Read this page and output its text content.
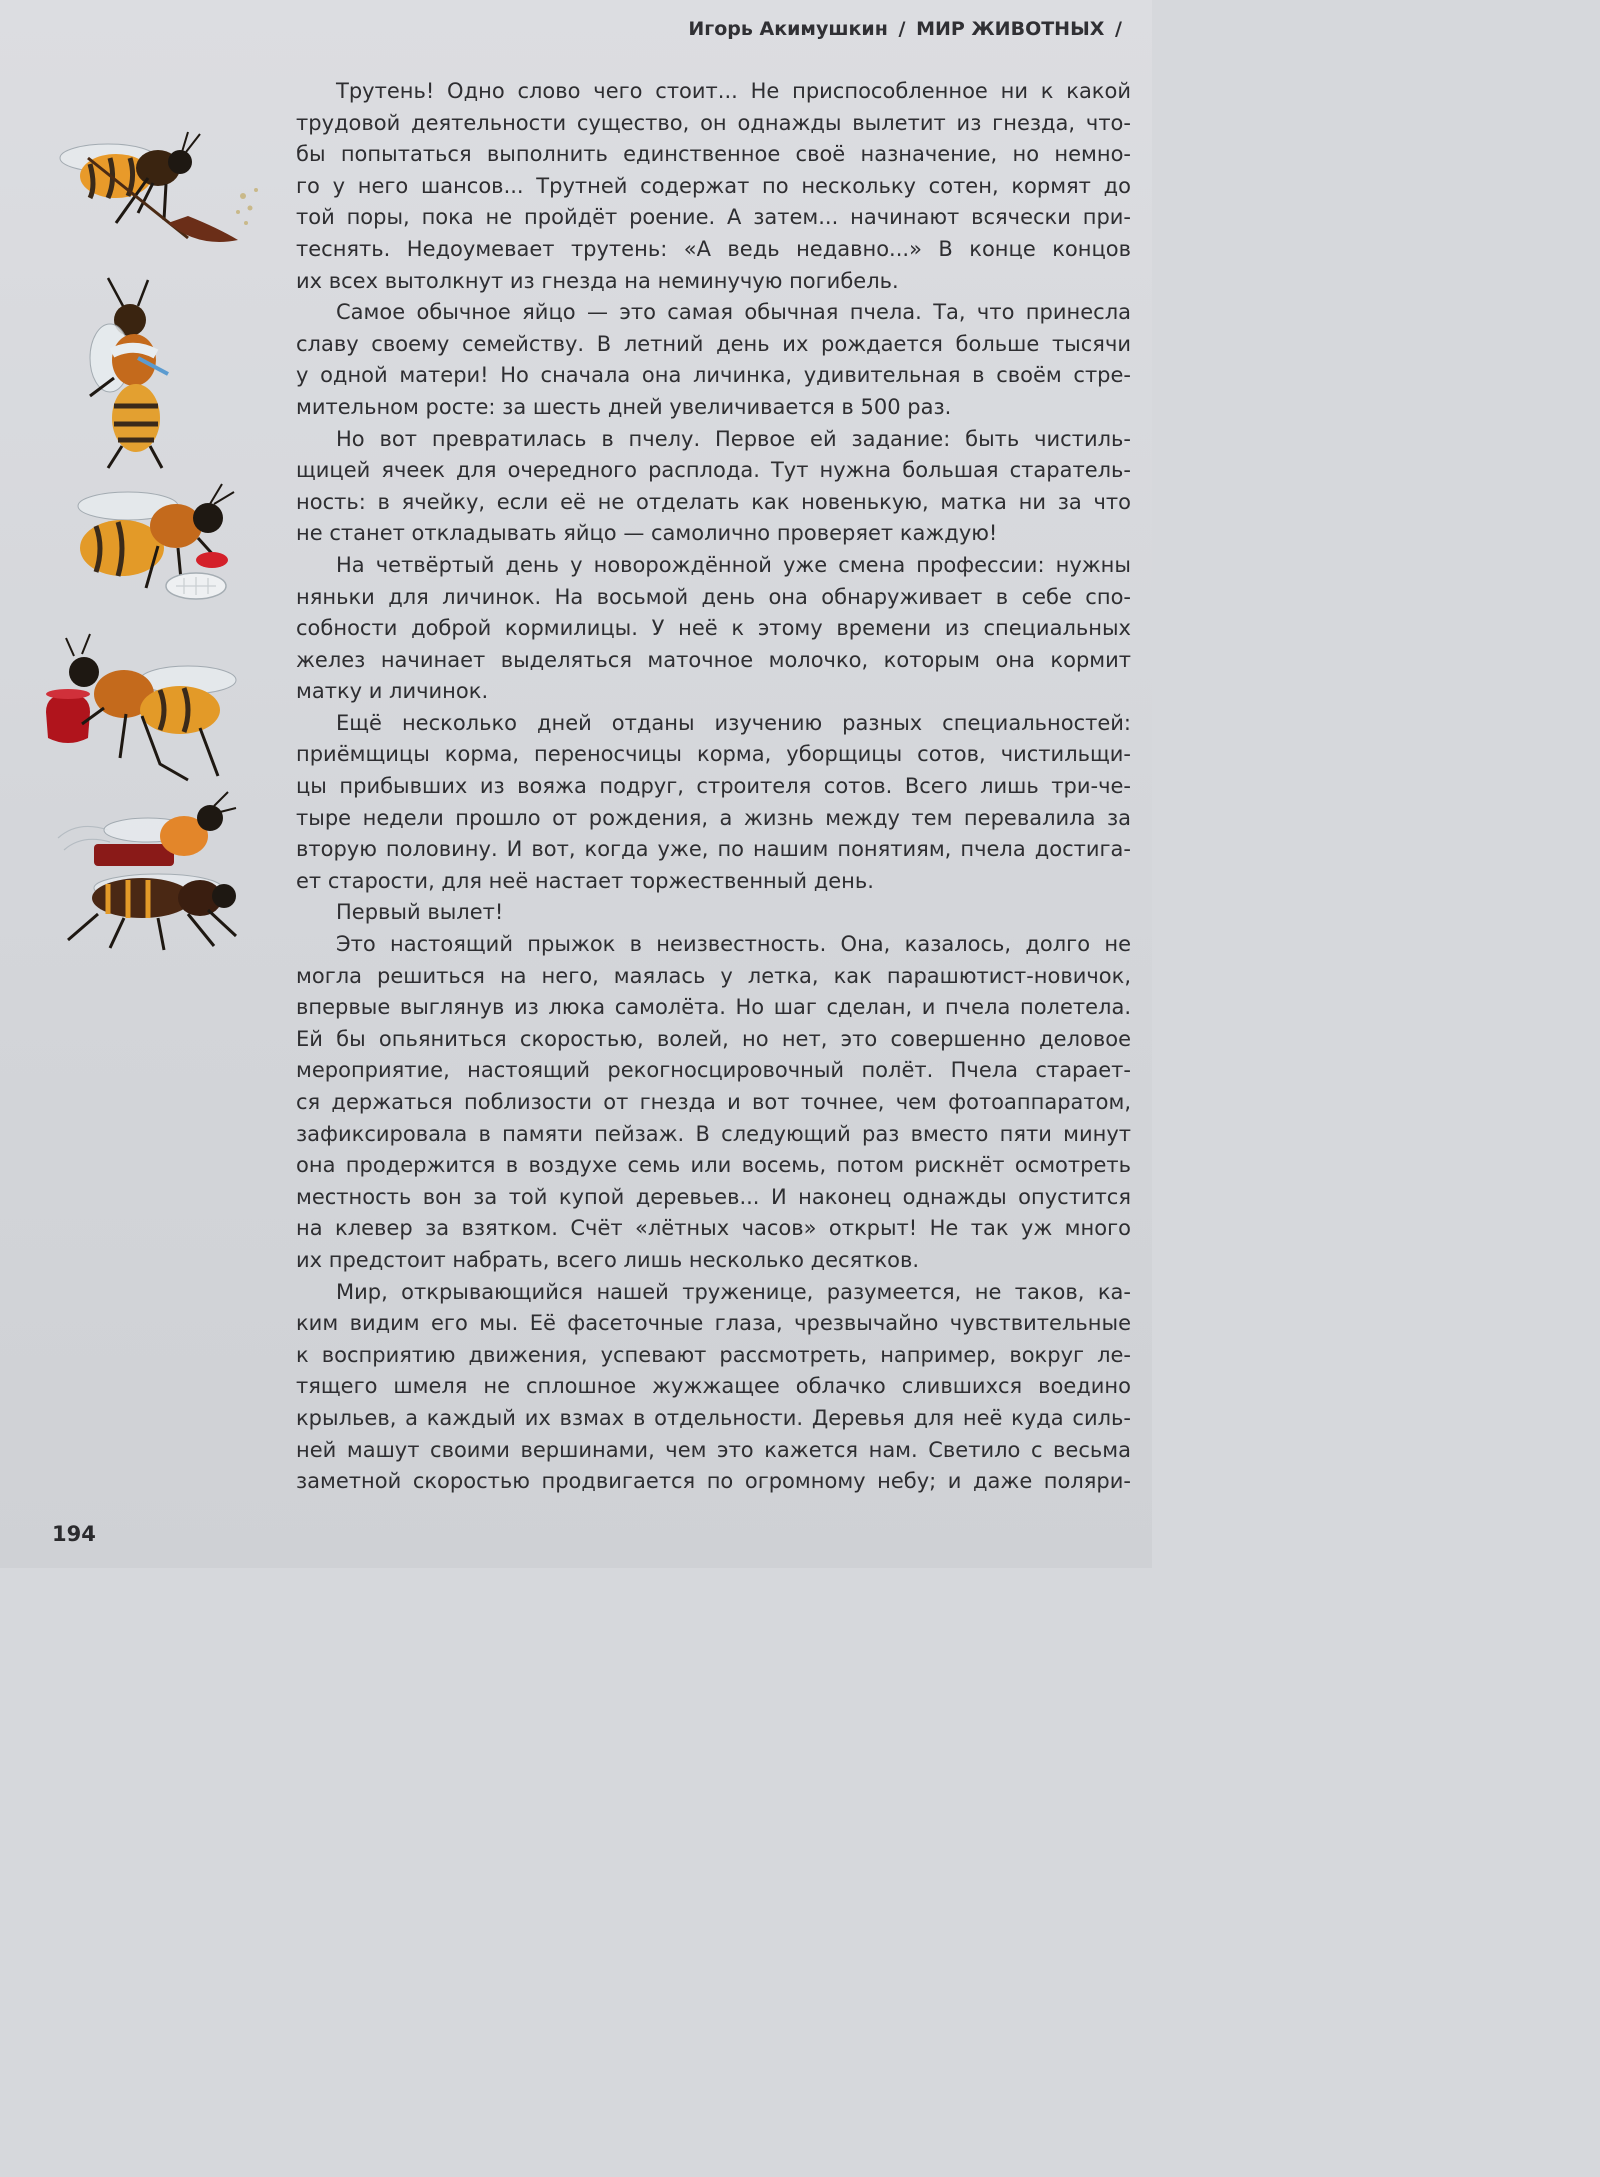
Игорь Акимушкин / МИР ЖИВОТНЫХ /

Трутень! Одно слово чего стоит... Не приспособленное ни к какой
трудовой деятельности существо, он однажды вылетит из гнезда, что-
бы попытаться выполнить единственное своё назначение, но немно-
го у него шансов... Трутней содержат по нескольку сотен, кормят до
той поры, пока не пройдёт роение. А затем... начинают всячески при-
теснять. Недоумевает трутень: «А ведь недавно...» В конце концов
их всех вытолкнут из гнезда на неминучую погибель.

Самое обычное яйцо — это самая обычная пчела. Та, что принесла
славу своему семейству. В летний день их рождается больше тысячи
у одной матери! Но сначала она личинка, удивительная в своём стре-
мительном росте: за шесть дней увеличивается в 500 раз.

Но вот превратилась в пчелу. Первое ей задание: быть чистиль-
щицей ячеек для очередного расплода. Тут нужна большая старатель-
ность: в ячейку, если её не отделать как новенькую, матка ни за что
не станет откладывать яйцо — самолично проверяет каждую!

На четвёртый день у новорождённой уже смена профессии: нужны
няньки для личинок. На восьмой день она обнаруживает в себе спо-
собности доброй кормилицы. У неё к этому времени из специальных
желез начинает выделяться маточное молочко, которым она кормит
матку и личинок.

Ещё несколько дней отданы изучению разных специальностей:
приёмщицы корма, переносчицы корма, уборщицы сотов, чистильщи-
цы прибывших из вояжа подруг, строителя сотов. Всего лишь три-че-
тыре недели прошло от рождения, а жизнь между тем перевалила за
вторую половину. И вот, когда уже, по нашим понятиям, пчела достига-
ет старости, для неё настает торжественный день.

Первый вылет!

Это настоящий прыжок в неизвестность. Она, казалось, долго не
могла решиться на него, маялась у летка, как парашютист-новичок,
впервые выглянув из люка самолёта. Но шаг сделан, и пчела полетела.
Ей бы опьяниться скоростью, волей, но нет, это совершенно деловое
мероприятие, настоящий рекогносцировочный полёт. Пчела старает-
ся держаться поблизости от гнезда и вот точнее, чем фотоаппаратом,
зафиксировала в памяти пейзаж. В следующий раз вместо пяти минут
она продержится в воздухе семь или восемь, потом рискнёт осмотреть
местность вон за той купой деревьев... И наконец однажды опустится
на клевер за взятком. Счёт «лётных часов» открыт! Не так уж много
их предстоит набрать, всего лишь несколько десятков.

Мир, открывающийся нашей труженице, разумеется, не таков, ка-
ким видим его мы. Её фасеточные глаза, чрезвычайно чувствительные
к восприятию движения, успевают рассмотреть, например, вокруг ле-
тящего шмеля не сплошное жужжащее облачко слившихся воедино
крыльев, а каждый их взмах в отдельности. Деревья для неё куда силь-
ней машут своими вершинами, чем это кажется нам. Светило с весьма
заметной скоростью продвигается по огромному небу; и даже поляри-

194
